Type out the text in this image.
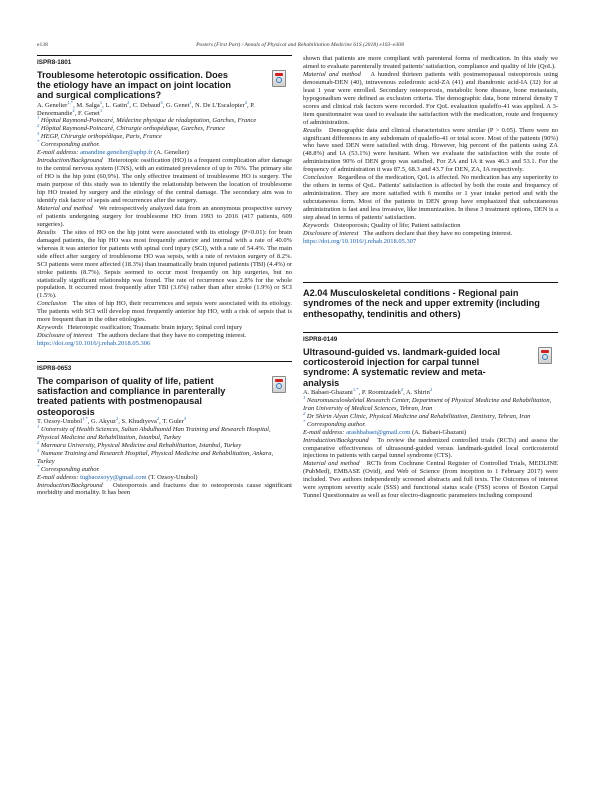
e138	Posters (First Part) / Annals of Physical and Rehabilitation Medicine 61S (2018) e103–e308
ISPR8-1801
Troublesome heterotopic ossification. Does the etiology have an impact on joint location and surgical complications?
A. Genelier$^{1,*}$, M. Salga$^1$, L. Gatin$^2$, C. Debaud$^3$, G. Genet$^1$, N. De L'Escalopier$^2$, P. Denormandie$^2$, F. Genet$^1$
$^1$ Hôpital Raymond-Poincaré, Médecine physique de réadaptation, Garches, France
$^2$ Hôpital Raymond-Poincaré, Chirurgie orthopédique, Garches, France
$^3$ HEGP, Chirurgie orthopédique, Paris, France
* Corresponding author.
E-mail address: amandine.genelier@aphp.fr (A. Genelier)

Introduction/Background Heterotopic ossification (HO) is a frequent complication after damage to the central nervous system (CNS), with an estimated prevalence of up to 76%. The primary site of HO is the hip joint (60,9%). The only effective treatment of troublesome HO is surgery. The main purpose of this study was to identify the relationship between the location of troublesome hip HO treated by surgery and the etiology of the central damage. The secondary aim was to identify risk factor of sepsis and recurrences after the surgery.

Material and method We retrospectively analyzed data from an anonymous prospective survey of patients undergoing surgery for troublesome HO from 1993 to 2016 (417 patients, 609 surgeries).

Results The sites of HO on the hip joint were associated with its etiology (P<0.01): for brain damaged patients, the hip HO was most frequently anterior and internal with a rate of 40.0% whereas it was anterior for patients with spinal cord injury (SCI), with a rate of 54.4%. The main side effect after surgery of troublesome HO was sepsis, with a rate of revision surgery of 8.2%. SCI patients were more affected (18.3%) than traumatically brain injured patients (TBI) (4.4%) or stroke patients (8.7%). Sepsis seemed to occur most frequently on hip surgeries, but no statistically significant relationship was found. The rate of recurrence was 2.8% for the whole population. It occurred most frequently after TBI (3.6%) rather than after stroke (1.9%) or SCI (1.5%).

Conclusion The sites of hip HO, their recurrences and sepsis were associated with its etiology. The patients with SCI will develop most frequently anterior hip HO, with a risk of sepsis that is more frequent than in the other etiologies.

Keywords Heterotopic ossification; Traumatic brain injury; Spinal cord injury

Disclosure of interest The authors declare that they have no competing interest.

https://doi.org/10.1016/j.rehab.2018.05.306
ISPR8-0653
The comparison of quality of life, patient satisfaction and compliance in parenterally treated patients with postmenopausal osteoporosis
T. Ozsoy-Unubol$^{1,*}$, G. Akyuz$^2$, S. Khudiyeva$^2$, T. Guler$^3$
$^1$ University of Health Sciences, Sultan Abdulhamid Han Training and Research Hospital, Physical Medicine and Rehabilitation, Istanbul, Turkey
$^2$ Marmara University, Physical Medicine and Rehabilitation, Istanbul, Turkey
$^3$ Numune Training and Research Hospital, Physical Medicine and Rehabilitation, Ankara, Turkey
* Corresponding author.
E-mail address: tugbaozsoyy@gmail.com (T. Ozsoy-Unubol)

Introduction/Background Osteoporosis and fractures due to osteoporosis cause significant morbidity and mortality. It has been

shown that patients are more compliant with parenteral forms of medication. In this study we aimed to evaluate parenterally treated patients' satisfaction, compliance and quality of life (QoL).

Material and method A hundred thirteen patients with postmenopausal osteoporosis using denosumab-DEN (40), intravenous zoledronic acid-ZA (41) and ibandronic acid-IA (32) for at least 1 year were enrolled. Secondary osteoporosis, metabolic bone disease, bone metastasis, hypogonadism were defined as exclusion criteria. The demographic data, bone mineral density T scores and clinical risk factors were recorded. For QoL evaluation qualeffo-41 was applied. A 3-item questionnaire was used to evaluate the satisfaction with the medication, route and frequency of administration.

Results Demographic data and clinical characteristics were similar (P > 0.05). There were no significant differences in any subdomain of qualeffo-41 or total score. Most of the patients (90%) who have used DEN were satisfied with drug. However, big percent of the patients using ZA (48.8%) and IA (53.1%) were hesitant. When we evaluate the satisfaction with the route of administration 90% of DEN group was satisfied. For ZA and IA it was 46.3 and 53.1. For the frequency of administration it was 87.5, 68.3 and 43.7 for DEN, ZA, IA respectively.

Conclusion Regardless of the medication, QoL is affected. No medication has any superiority to the others in terms of QoL. Patients' satisfaction is affected by both the route and frequency of administration. They are more satisfied with 6 months or 1 year intake period and with the subcutaneous form. Most of the patients in DEN group have emphasized that subcutaneous administration is fast and less invasive, like immunization. In these 3 treatment options, DEN is a step ahead in terms of patients' satisfaction.

Keywords Osteoporosis; Quality of life; Patient satisfaction

Disclosure of interest The authors declare that they have no competing interest.

https://doi.org/10.1016/j.rehab.2018.05.307
A2.04 Musculoskeletal conditions - Regional pain syndromes of the neck and upper extremity (including enthesopathy, tendinitis and others)
ISPR8-0149
Ultrasound-guided vs. landmark-guided local corticosteroid injection for carpal tunnel syndrome: A systematic review and meta-analysis
A. Babaei-Ghazani$^{1,*}$, P. Roomizadeh$^2$, A. Shirin$^2$
$^1$ Neuromusculoskeletal Research Center, Department of Physical Medicine and Rehabilitation, Iran University of Medical Sciences, Tehran, Iran
$^2$ Dr Shirin Alyan Clinic, Physical Medicine and Rehabilitation, Dentistry, Tehran, Iran
* Corresponding author.
E-mail address: arashbabaei@gmail.com (A. Babaei-Ghazani)

Introduction/Background To review the randomized controlled trials (RCTs) and assess the comparative effectiveness of ultrasound-guided versus landmark-guided local corticosteroid injections in patients with carpal tunnel syndrome (CTS).

Material and method RCTs from Cochrane Central Register of Controlled Trials, MEDLINE (PubMed), EMBASE (Ovid), and Web of Science (from inception to 1 February 2017) were included. Two authors independently screened abstracts and full texts. The Outcomes of interest were symptom severity scale (SSS) and functional status scale (FSS) scores of Boston Carpal Tunnel Questionnaire as well as four electro-diagnostic parameters including compound
